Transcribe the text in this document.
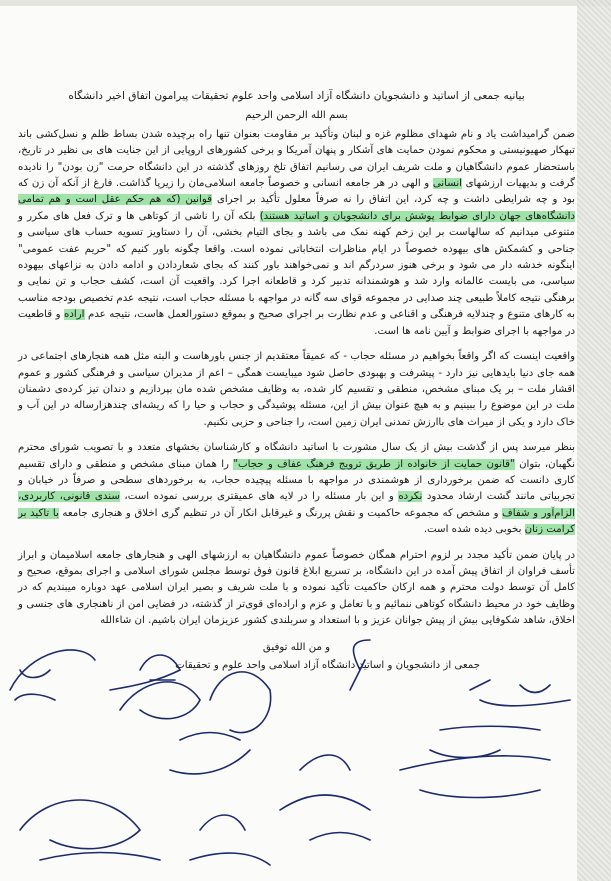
بیانیه جمعی از اساتید و دانشجویان دانشگاه آزاد اسلامی واحد علوم تحقیقات پیرامون اتفاق اخیر دانشگاه
بسم الله الرحمن الرحیم

ضمن گرامیداشت یاد و نام شهدای مظلوم غزه و لبنان وتأکید بر مقاومت بعنوان تنها راه برچیده شدن بساط ظلم و نسل‌کشی باند تبهکار صهیونیستی و محکوم نمودن حمایت های آشکار و پنهان آمریکا و برخی کشورهای اروپایی از این جنایت های بی نظیر در تاریخ، باستحضار عموم دانشگاهیان و ملت شریف ایران می رسانیم اتفاق تلخ روزهای گذشته در این دانشگاه حرمت "زن بودن" را نادیده گرفت و بدیهیات ارزشهای انسانی و الهی در هر جامعه انسانی و خصوصاً جامعه اسلامی‌مان را زیرپا گذاشت. فارغ از آنکه آن زن که بود و چه شرایطی داشت و چه کرد، این اتفاق را نه صرفاً معلول تأکید بر اجرای قوانین (که هم حکم عقل است و هم تمامی دانشگاه‌های جهان دارای ضوابط پوشش برای دانشجویان و اساتید هستند) بلکه آن را ناشی از کوتاهی ها و ترک فعل های مکرر و متنوعی میدانیم که سالهاست بر این زخم کهنه نمک می باشد و بجای التیام بخشی، آن را دستاویز تسویه حساب های سیاسی و جناحی و کشمکش های بیهوده خصوصاً در ایام مناظرات انتخاباتی نموده است. واقعا چگونه باور کنیم که "حریم عفت عمومی" اینگونه خدشه دار می شود و برخی هنوز سردرگم اند و نمی‌خواهند باور کنند که بجای شعاردادن و ادامه دادن به نزاعهای بیهوده سیاسی، می بایست عالمانه وارد شد و هوشمندانه تدبیر کرد و قاطعانه اجرا کرد. واقعیت آن است، کشف حجاب و تن نمایی و برهنگی نتیجه کاملاً طبیعی چند صدایی در مجموعه قوای سه گانه در مواجهه با مسئله حجاب است، نتیجه عدم تخصیص بودجه مناسب به کارهای متنوع و چندلایه فرهنگی و اقناعی و عدم نظارت بر اجرای صحیح و بموقع دستورالعمل هاست، نتیجه عدم اراده و قاطعیت در مواجهه با اجرای ضوابط و آیین نامه ها است.

واقعیت اینست که اگر واقعاً بخواهیم در مسئله حجاب - که عمیقاً معتقدیم از جنس باورهاست و البته مثل همه هنجارهای اجتماعی در همه جای دنیا بایدهایی نیز دارد - پیشرفت و بهبودی حاصل شود میبایست همگی – اعم از مدیران سیاسی و فرهنگی کشور و عموم اقشار ملت – بر یک مبنای مشخص، منطقی و تقسیم کار شده، به وظایف مشخص شده مان بپردازیم و دندان تیز کرده‌ی دشمنان ملت در این موضوع را ببینیم و به هیچ عنوان بیش از این، مسئله پوشیدگی و حجاب و حیا را که ریشه‌ای چندهزارساله در این آب و خاک دارد و یکی از میراث های باارزش تمدنی ایران زمین است، را جناحی و حزبی نکنیم.

بنظر میرسد پس از گذشت بیش از یک سال مشورت با اساتید دانشگاه و کارشناسان بخشهای متعدد و با تصویب شورای محترم نگهبان، بتوان "قانون حمایت از خانواده از طریق ترویج فرهنگ عفاف و حجاب" را همان مبنای مشخص و منطقی و دارای تقسیم کاری دانست که ضمن برخورداری از هوشمندی در مواجهه با مسئله پیچیده حجاب، به برخوردهای سطحی و صرفاً در خیابان و تجربیاتی مانند گشت ارشاد محدود نکرده و این بار مسئله را در لایه های عمیقتری بررسی نموده است، سندی قانونی، کاربردی، الزام‌آور و شفاف و مشخص که مجموعه حاکمیت و نقش پررنگ و غیرقابل انکار آن در تنظیم گری اخلاق و هنجاری جامعه با تاکید بر کرامت زنان بخوبی دیده شده است.

در پایان ضمن تأکید مجدد بر لزوم احترام همگان خصوصاً عموم دانشگاهیان به ارزشهای الهی و هنجارهای جامعه اسلامیمان و ابراز تأسف فراوان از اتفاق پیش آمده در این دانشگاه، بر تسریع ابلاغ قانون فوق توسط مجلس شورای اسلامی و اجرای بموقع، صحیح و کامل آن توسط دولت محترم و همه ارکان حاکمیت تأکید نموده و با ملت شریف و بصیر ایران اسلامی عهد دوباره میبندیم که در وظایف خود در محیط دانشگاه کوتاهی ننمائیم و با تعامل و عزم و اراده‌ای قوی‌تر از گذشته، در فضایی امن از ناهنجاری های جنسی و اخلاق، شاهد شکوفایی بیش از پیش جوانان عزیز و با استعداد و سربلندی کشور عزیزمان ایران باشیم. ان شاءالله

و من الله توفیق
جمعی از دانشجویان و اساتید دانشگاه آزاد اسلامی واحد علوم و تحقیقات
